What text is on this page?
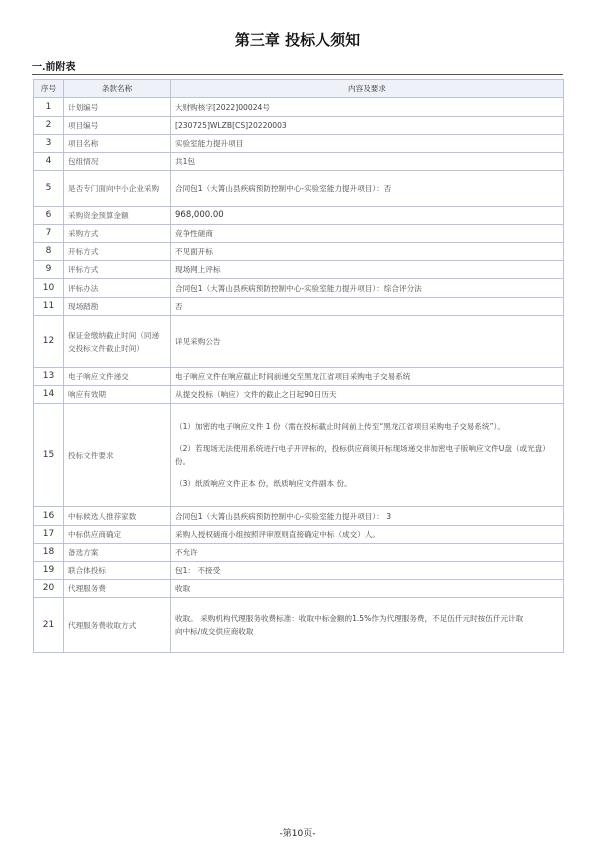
第三章 投标人须知
一.前附表
序号	条款名称	内容及要求
1	计划编号	大财购核字[2022]00024号
2	项目编号	[230725]WLZB[CS]20220003
3	项目名称	实验室能力提升项目
4	包组情况	共1包
5	是否专门面向中小企业采购	合同包1（大箐山县疾病预防控制中心-实验室能力提升项目）：否
6	采购资金预算金额	968,000.00
7	采购方式	竞争性磋商
8	开标方式	不见面开标
9	评标方式	现场网上评标
10	评标办法	合同包1（大箐山县疾病预防控制中心-实验室能力提升项目）：综合评分法
11	现场踏勘	否
12	保证金缴纳截止时间（同递交投标文件截止时间）	详见采购公告
13	电子响应文件递交	电子响应文件在响应截止时间前递交至黑龙江省项目采购电子交易系统
14	响应有效期	从提交投标（响应）文件的截止之日起90日历天
15	投标文件要求	（1）加密的电子响应文件 1 份（需在投标截止时间前上传至“黑龙江省项目采购电子交易系统”）。
（2）若现场无法使用系统进行电子开评标的，投标供应商须开标现场递交非加密电子版响应文件U盘（或光盘）份。
（3）纸质响应文件正本 份，纸质响应文件副本 份。

16	中标候选人推荐家数	合同包1（大箐山县疾病预防控制中心-实验室能力提升项目）： 3
17	中标供应商确定	采购人授权磋商小组按照评审原则直接确定中标（成交）人。
18	备选方案	不允许
19	联合体投标	包1： 不接受
20	代理服务费	收取
21	代理服务费收取方式	收取。 采购机构代理服务收费标准：收取中标金额的1.5%作为代理服务费，不足伍仟元时按伍仟元计取
向中标/成交供应商收取
-第10页-
